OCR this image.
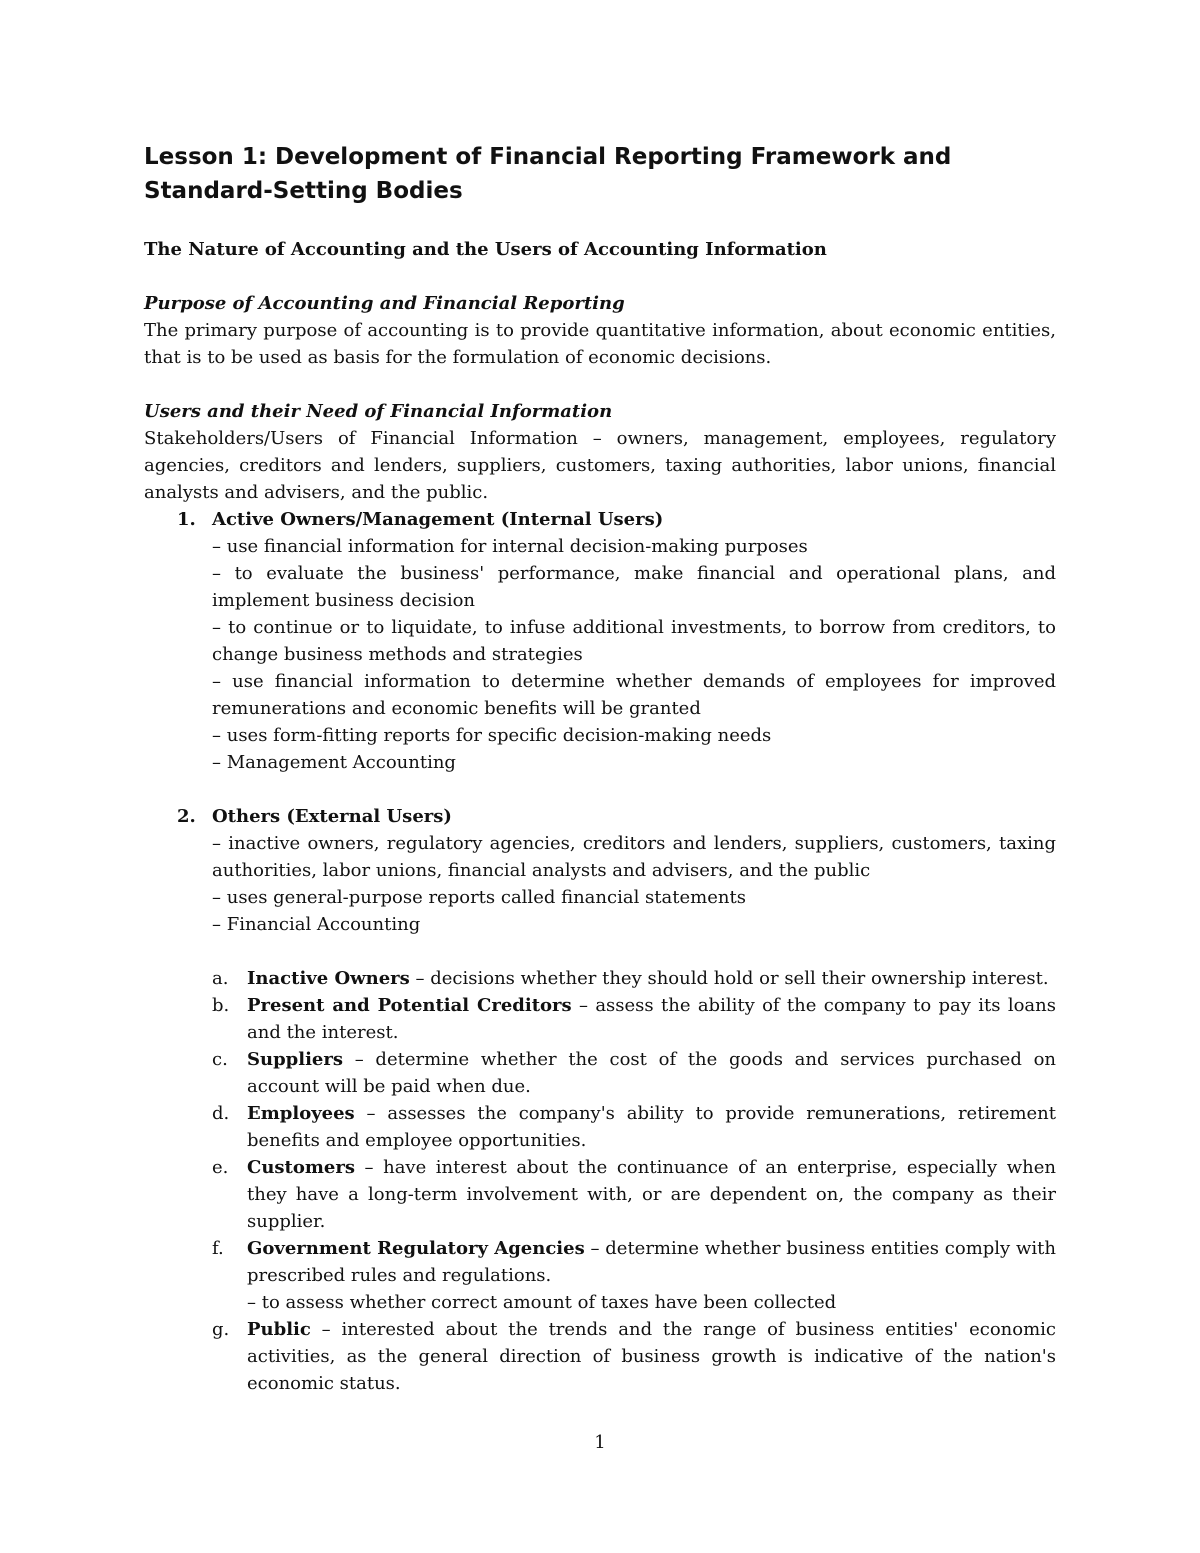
Lesson 1: Development of Financial Reporting Framework and Standard-Setting Bodies
The Nature of Accounting and the Users of Accounting Information

Purpose of Accounting and Financial Reporting

The primary purpose of accounting is to provide quantitative information, about economic entities, that is to be used as basis for the formulation of economic decisions.

Users and their Need of Financial Information

Stakeholders/Users of Financial Information – owners, management, employees, regulatory agencies, creditors and lenders, suppliers, customers, taxing authorities, labor unions, financial analysts and advisers, and the public.

1. Active Owners/Management (Internal Users)

– use financial information for internal decision-making purposes

– to evaluate the business' performance, make financial and operational plans, and implement business decision

– to continue or to liquidate, to infuse additional investments, to borrow from creditors, to change business methods and strategies

– use financial information to determine whether demands of employees for improved remunerations and economic benefits will be granted

– uses form-fitting reports for specific decision-making needs

– Management Accounting

2. Others (External Users)

– inactive owners, regulatory agencies, creditors and lenders, suppliers, customers, taxing authorities, labor unions, financial analysts and advisers, and the public

– uses general-purpose reports called financial statements

– Financial Accounting

a. Inactive Owners – decisions whether they should hold or sell their ownership interest.
b. Present and Potential Creditors – assess the ability of the company to pay its loans and the interest.
c. Suppliers – determine whether the cost of the goods and services purchased on account will be paid when due.
d. Employees – assesses the company's ability to provide remunerations, retirement benefits and employee opportunities.
e. Customers – have interest about the continuance of an enterprise, especially when they have a long-term involvement with, or are dependent on, the company as their supplier.
f. Government Regulatory Agencies – determine whether business entities comply with prescribed rules and regulations.

– to assess whether correct amount of taxes have been collected

g. Public – interested about the trends and the range of business entities' economic activities, as the general direction of business growth is indicative of the nation's economic status.
1
